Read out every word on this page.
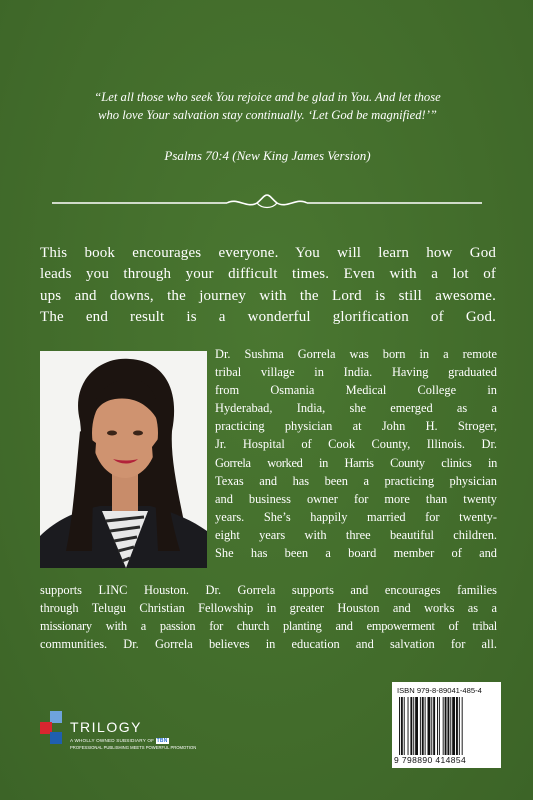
“Let all those who seek You rejoice and be glad in You. And let those
who love Your salvation stay continually. ‘Let God be magnified!’”
Psalms 70:4 (New King James Version)
This book encourages everyone. You will learn how God
leads you through your difficult times. Even with a lot of
ups and downs, the journey with the Lord is still awesome.
The end result is a wonderful glorification of God.
Dr. Sushma Gorrela was born in a remote
tribal village in India. Having graduated
from Osmania Medical College in
Hyderabad, India, she emerged as a
practicing physician at John H. Stroger,
Jr. Hospital of Cook County, Illinois. Dr.
Gorrela worked in Harris County clinics in
Texas and has been a practicing physician
and business owner for more than twenty
years. She’s happily married for twenty-
eight years with three beautiful children.
She has been a board member of and
supports LINC Houston. Dr. Gorrela supports and encourages families
through Telugu Christian Fellowship in greater Houston and works as a
missionary with a passion for church planting and empowerment of tribal
communities. Dr. Gorrela believes in education and salvation for all.
TRILOGY
A WHOLLY OWNED SUBSIDIARY OF TBN
PROFESSIONAL PUBLISHING MEETS POWERFUL PROMOTION
ISBN 979-8-89041-485-4
9 798890 414854
